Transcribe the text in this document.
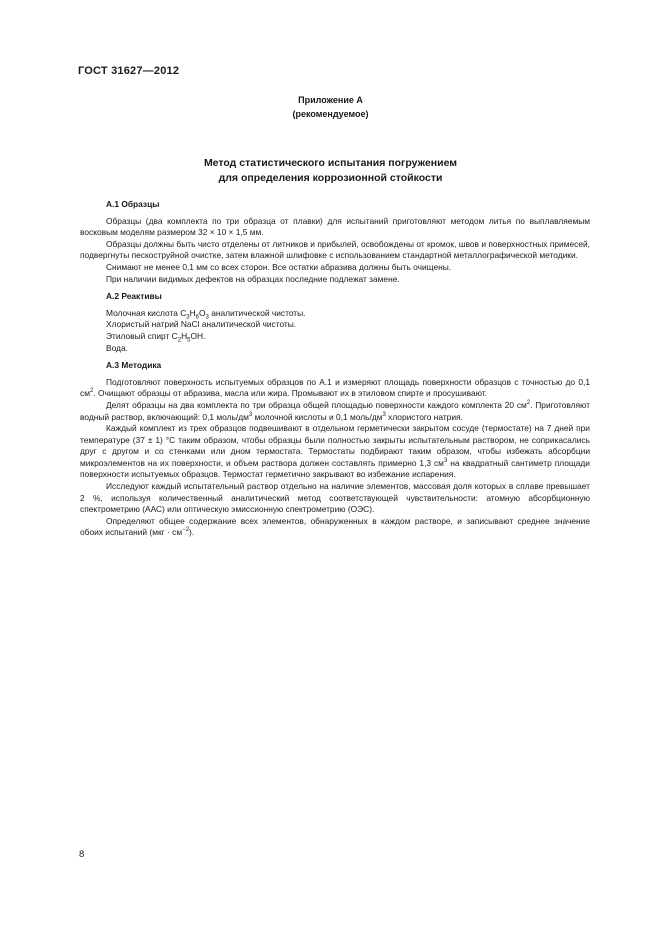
ГОСТ 31627—2012
Приложение А
(рекомендуемое)
Метод статистического испытания погружением
для определения коррозионной стойкости
А.1 Образцы

Образцы (два комплекта по три образца от плавки) для испытаний приготовляют методом литья по выплавляемым восковым моделям размером 32 × 10 × 1,5 мм.

Образцы должны быть чисто отделены от литников и прибылей, освобождены от кромок, швов и поверхностных примесей, подвергнуты пескоструйной очистке, затем влажной шлифовке с использованием стандартной металлографической методики.

Снимают не менее 0,1 мм со всех сторон. Все остатки абразива должны быть очищены.

При наличии видимых дефектов на образцах последние подлежат замене.

А.2 Реактивы

Молочная кислота $С_3Н_6О_3$ аналитической чистоты.

Хлористый натрий NaCl аналитической чистоты.

Этиловый спирт $С_2Н_5ОН$.

Вода.

А.3 Методика

Подготовляют поверхность испытуемых образцов по А.1 и измеряют площадь поверхности образцов с точностью до 0,1 $см^2$. Очищают образцы от абразива, масла или жира. Промывают их в этиловом спирте и просушивают.

Делят образцы на два комплекта по три образца общей площадью поверхности каждого комплекта 20 $см^2$. Приготовляют водный раствор, включающий: 0,1 моль/$дм^3$ молочной кислоты и 0,1 моль/$дм^3$ хлористого натрия.

Каждый комплект из трех образцов подвешивают в отдельном герметически закрытом сосуде (термостате) на 7 дней при температуре (37 ± 1) °С таким образом, чтобы образцы были полностью закрыты испытательным раствором, не соприкасались друг с другом и со стенками или дном термостата. Термостаты подбирают таким образом, чтобы избежать абсорбции микроэлементов на их поверхности, и объем раствора должен составлять примерно 1,3 $см^3$ на квадратный сантиметр площади поверхности испытуемых образцов. Термостат герметично закрывают во избежание испарения.

Исследуют каждый испытательный раствор отдельно на наличие элементов, массовая доля которых в сплаве превышает 2 %, используя количественный аналитический метод соответствующей чувствительности: атомную абсорбционную спектрометрию (ААС) или оптическую эмиссионную спектрометрию (ОЭС).

Определяют общее содержание всех элементов, обнаруженных в каждом растворе, и записывают среднее значение обоих испытаний $(мкг \cdot см^{-2})$.

8
